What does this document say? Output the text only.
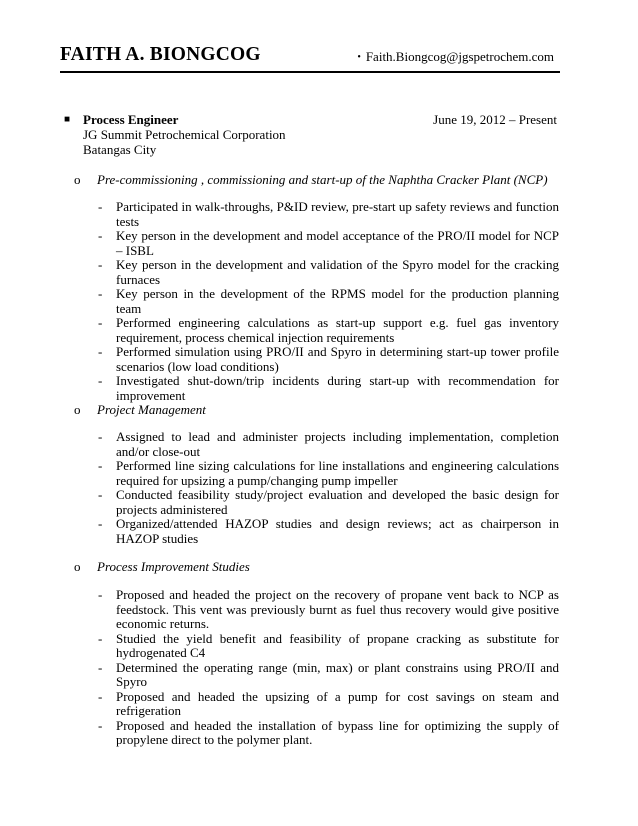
FAITH A. BIONGCOG	• Faith.Biongcog@jgspetrochem.com
■ Process Engineer	June 19, 2012 – Present
JG Summit Petrochemical Corporation
Batangas City
o Pre-commissioning , commissioning and start-up of the Naphtha Cracker Plant (NCP)
- Participated in walk-throughs, P&ID review, pre-start up safety reviews and function tests
- Key person in the development and model acceptance of the PRO/II model for NCP – ISBL
- Key person in the development and validation of the Spyro model for the cracking furnaces
- Key person in the development of the RPMS model for the production planning team
- Performed engineering calculations as start-up support e.g. fuel gas inventory requirement, process chemical injection requirements
- Performed simulation using PRO/II and Spyro in determining start-up tower profile scenarios (low load conditions)
- Investigated shut-down/trip incidents during start-up with recommendation for improvement
o Project Management
- Assigned to lead and administer projects including implementation, completion and/or close-out
- Performed line sizing calculations for line installations and engineering calculations required for upsizing a pump/changing pump impeller
- Conducted feasibility study/project evaluation and developed the basic design for projects administered
- Organized/attended HAZOP studies and design reviews; act as chairperson in HAZOP studies
o Process Improvement Studies
- Proposed and headed the project on the recovery of propane vent back to NCP as feedstock. This vent was previously burnt as fuel thus recovery would give positive economic returns.
- Studied the yield benefit and feasibility of propane cracking as substitute for hydrogenated C4
- Determined the operating range (min, max) or plant constrains using PRO/II and Spyro
- Proposed and headed the upsizing of a pump for cost savings on steam and refrigeration
- Proposed and headed the installation of bypass line for optimizing the supply of propylene direct to the polymer plant.
